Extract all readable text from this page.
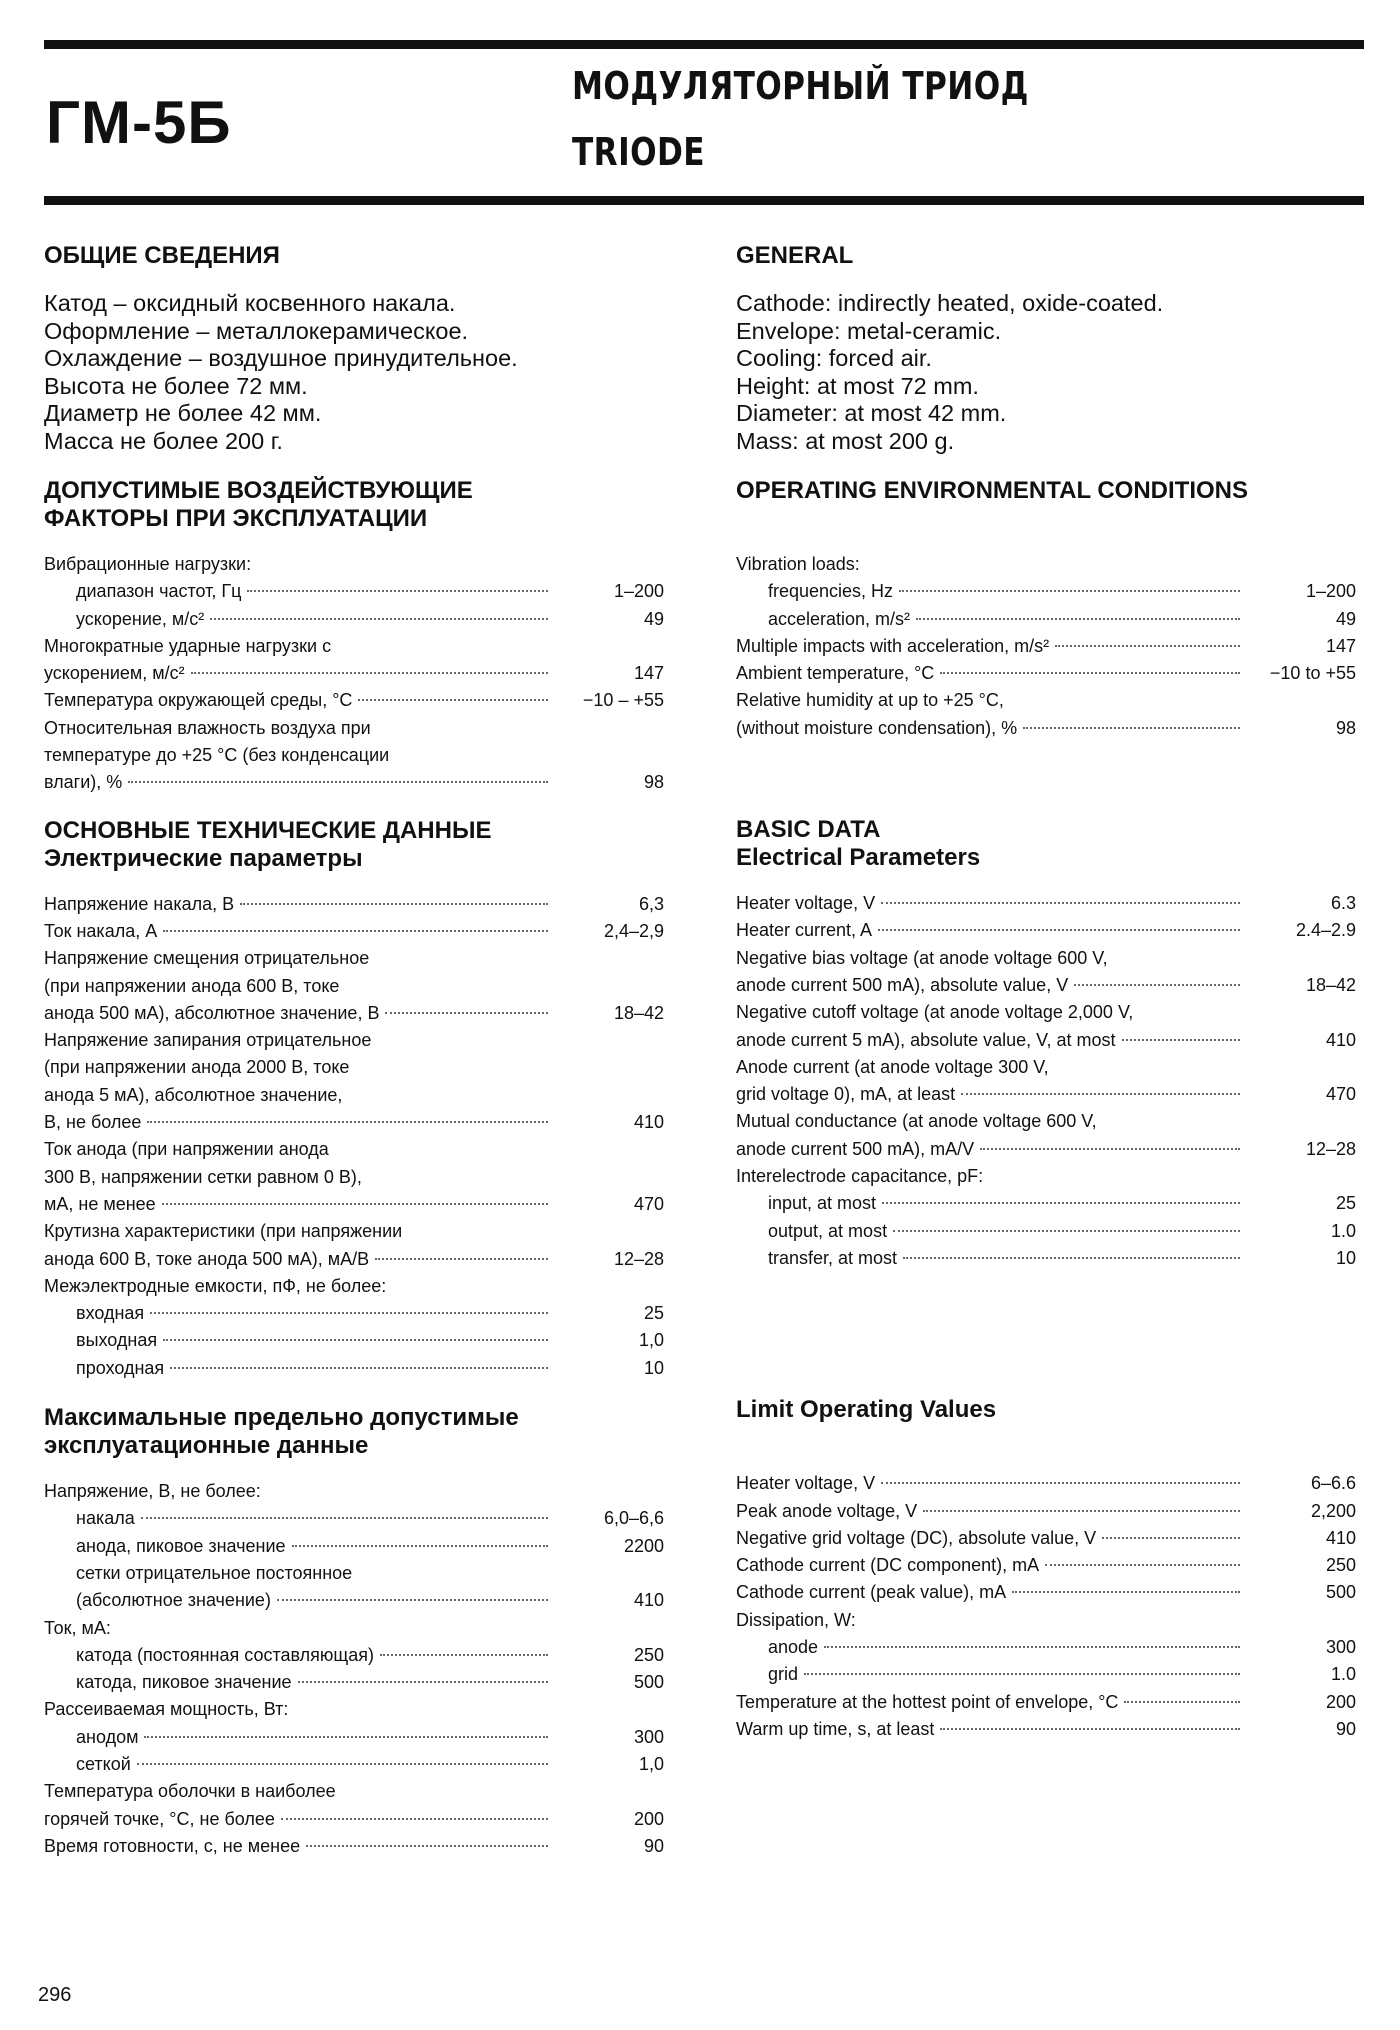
ГМ-5Б
МОДУЛЯТОРНЫЙ ТРИОД
TRIODE
ОБЩИЕ СВЕДЕНИЯ
Катод – оксидный косвенного накала.
Оформление – металлокерамическое.
Охлаждение – воздушное принудительное.
Высота не более 72 мм.
Диаметр не более 42 мм.
Масса не более 200 г.
ДОПУСТИМЫЕ ВОЗДЕЙСТВУЮЩИЕ
ФАКТОРЫ ПРИ ЭКСПЛУАТАЦИИ
Вибрационные нагрузки:
диапазон частот, Гц	1–200
ускорение, м/с²	49
Многократные ударные нагрузки с
ускорением, м/с²	147
Температура окружающей среды, °С	−10 – +55
Относительная влажность воздуха при
температуре до +25 °С (без конденсации
влаги), %	98
ОСНОВНЫЕ ТЕХНИЧЕСКИЕ ДАННЫЕ
Электрические параметры
Напряжение накала, В	6,3
Ток накала, А	2,4–2,9
Напряжение смещения отрицательное
(при напряжении анода 600 В, токе
анода 500 мА), абсолютное значение, В	18–42
Напряжение запирания отрицательное
(при напряжении анода 2000 В, токе
анода 5 мА), абсолютное значение,
В, не более	410
Ток анода (при напряжении анода
300 В, напряжении сетки равном 0 В),
мА, не менее	470
Крутизна характеристики (при напряжении
анода 600 В, токе анода 500 мА), мА/В	12–28
Межэлектродные емкости, пФ, не более:
входная	25
выходная	1,0
проходная	10
Максимальные предельно допустимые
эксплуатационные данные
Напряжение, В, не более:
накала	6,0–6,6
анода, пиковое значение	2200
сетки отрицательное постоянное
(абсолютное значение)	410
Ток, мА:
катода (постоянная составляющая)	250
катода, пиковое значение	500
Рассеиваемая мощность, Вт:
анодом	300
сеткой	1,0
Температура оболочки в наиболее
горячей точке, °С, не более	200
Время готовности, с, не менее	90
GENERAL
Cathode: indirectly heated, oxide-coated.
Envelope: metal-ceramic.
Cooling: forced air.
Height: at most 72 mm.
Diameter: at most 42 mm.
Mass: at most 200 g.
OPERATING ENVIRONMENTAL CONDITIONS
Vibration loads:
frequencies, Hz	1–200
acceleration, m/s²	49
Multiple impacts with acceleration, m/s²	147
Ambient temperature, °C	−10 to +55
Relative humidity at up to +25 °C,
(without moisture condensation), %	98
BASIC DATA
Electrical Parameters
Heater voltage, V	6.3
Heater current, A	2.4–2.9
Negative bias voltage (at anode voltage 600 V,
anode current 500 mA), absolute value, V	18–42
Negative cutoff voltage (at anode voltage 2,000 V,
anode current 5 mA), absolute value, V, at most	410
Anode current (at anode voltage 300 V,
grid voltage 0), mA, at least	470
Mutual conductance (at anode voltage 600 V,
anode current 500 mA), mA/V	12–28
Interelectrode capacitance, pF:
input, at most	25
output, at most	1.0
transfer, at most	10
Limit Operating Values
Heater voltage, V	6–6.6
Peak anode voltage, V	2,200
Negative grid voltage (DC), absolute value, V	410
Cathode current (DC component), mA	250
Cathode current (peak value), mA	500
Dissipation, W:
anode	300
grid	1.0
Temperature at the hottest point of envelope, °C	200
Warm up time, s, at least	90
296
